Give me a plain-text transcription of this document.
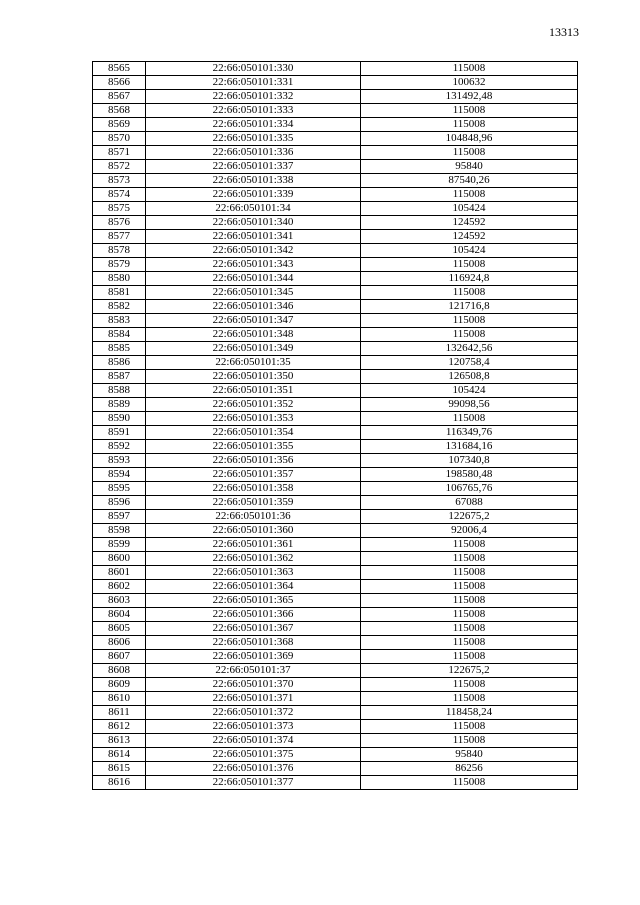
13313
8565	22:66:050101:330	115008
8566	22:66:050101:331	100632
8567	22:66:050101:332	131492,48
8568	22:66:050101:333	115008
8569	22:66:050101:334	115008
8570	22:66:050101:335	104848,96
8571	22:66:050101:336	115008
8572	22:66:050101:337	95840
8573	22:66:050101:338	87540,26
8574	22:66:050101:339	115008
8575	22:66:050101:34	105424
8576	22:66:050101:340	124592
8577	22:66:050101:341	124592
8578	22:66:050101:342	105424
8579	22:66:050101:343	115008
8580	22:66:050101:344	116924,8
8581	22:66:050101:345	115008
8582	22:66:050101:346	121716,8
8583	22:66:050101:347	115008
8584	22:66:050101:348	115008
8585	22:66:050101:349	132642,56
8586	22:66:050101:35	120758,4
8587	22:66:050101:350	126508,8
8588	22:66:050101:351	105424
8589	22:66:050101:352	99098,56
8590	22:66:050101:353	115008
8591	22:66:050101:354	116349,76
8592	22:66:050101:355	131684,16
8593	22:66:050101:356	107340,8
8594	22:66:050101:357	198580,48
8595	22:66:050101:358	106765,76
8596	22:66:050101:359	67088
8597	22:66:050101:36	122675,2
8598	22:66:050101:360	92006,4
8599	22:66:050101:361	115008
8600	22:66:050101:362	115008
8601	22:66:050101:363	115008
8602	22:66:050101:364	115008
8603	22:66:050101:365	115008
8604	22:66:050101:366	115008
8605	22:66:050101:367	115008
8606	22:66:050101:368	115008
8607	22:66:050101:369	115008
8608	22:66:050101:37	122675,2
8609	22:66:050101:370	115008
8610	22:66:050101:371	115008
8611	22:66:050101:372	118458,24
8612	22:66:050101:373	115008
8613	22:66:050101:374	115008
8614	22:66:050101:375	95840
8615	22:66:050101:376	86256
8616	22:66:050101:377	115008
